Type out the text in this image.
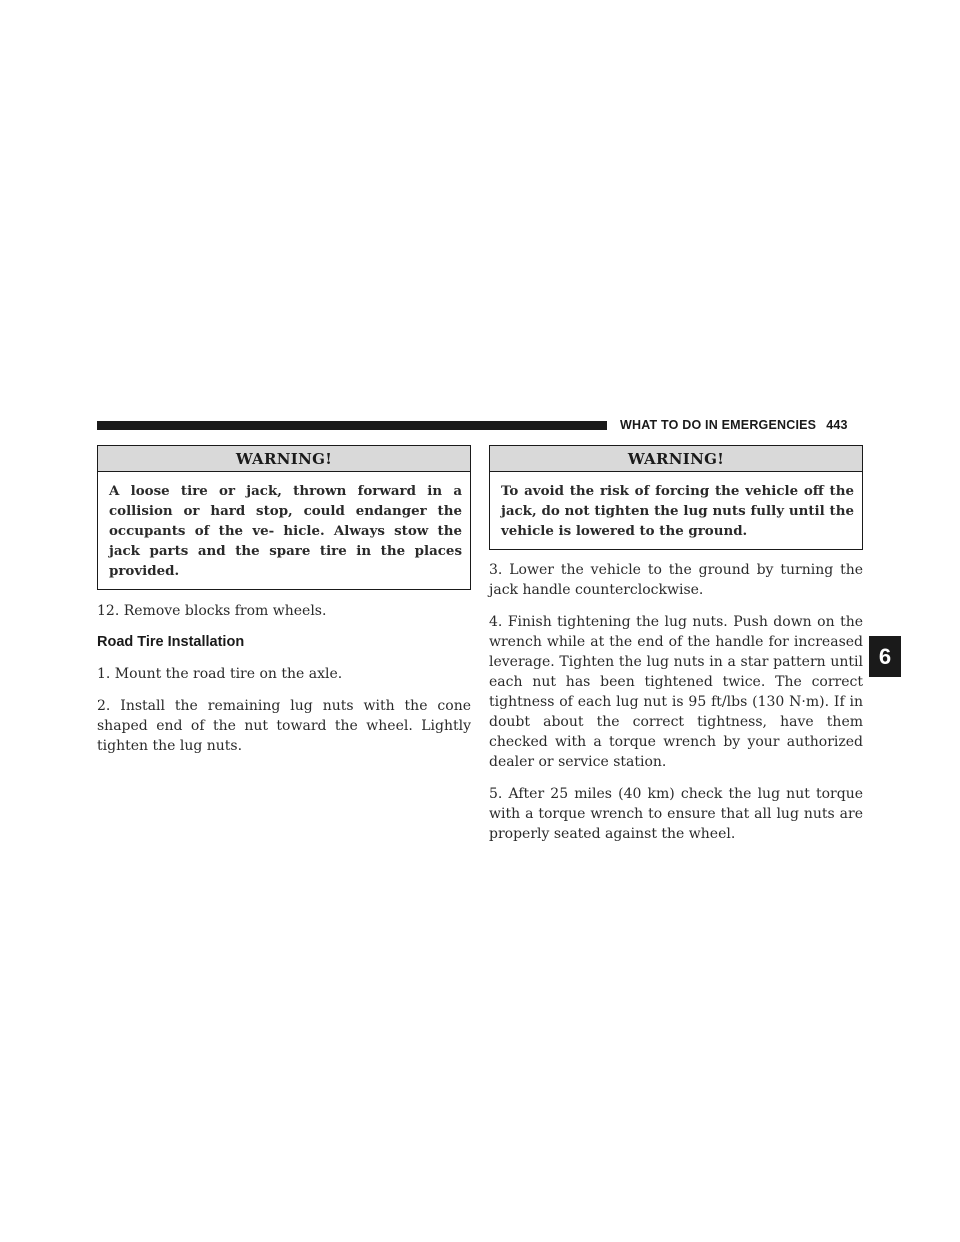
WHAT TO DO IN EMERGENCIES 443
WARNING!
A loose tire or jack, thrown forward in a collision or hard stop, could endanger the occupants of the ve- hicle. Always stow the jack parts and the spare tire in the places provided.

12. Remove blocks from wheels.

Road Tire Installation

1. Mount the road tire on the axle.

2. Install the remaining lug nuts with the cone shaped end of the nut toward the wheel. Lightly tighten the lug nuts.

WARNING!
To avoid the risk of forcing the vehicle off the jack, do not tighten the lug nuts fully until the vehicle is lowered to the ground.

3. Lower the vehicle to the ground by turning the jack handle counterclockwise.

4. Finish tightening the lug nuts. Push down on the wrench while at the end of the handle for increased leverage. Tighten the lug nuts in a star pattern until each nut has been tightened twice. The correct tightness of each lug nut is 95 ft/lbs (130 N·m). If in doubt about the correct tightness, have them checked with a torque wrench by your authorized dealer or service station.

5. After 25 miles (40 km) check the lug nut torque with a torque wrench to ensure that all lug nuts are properly seated against the wheel.

6
